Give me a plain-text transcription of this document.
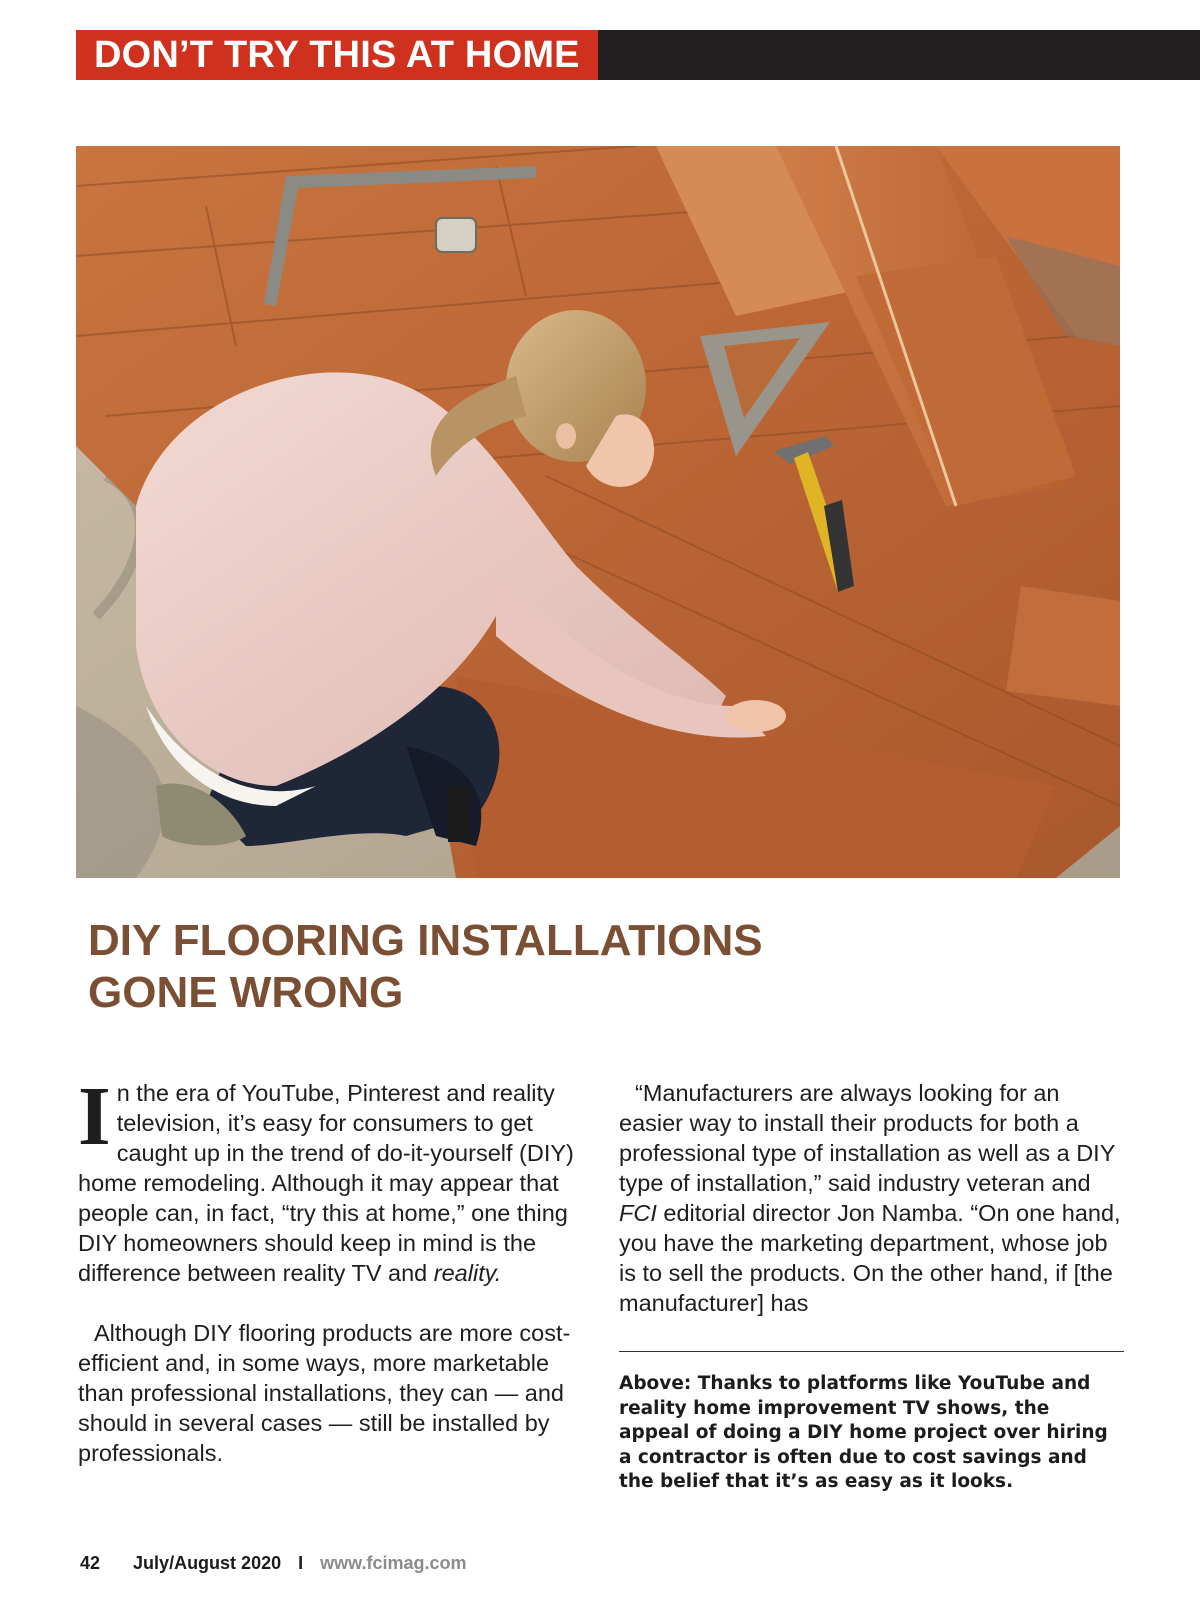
DON’T TRY THIS AT HOME
DIY FLOORING INSTALLATIONS
GONE WRONG

In the era of YouTube, Pinterest and reality television, it’s easy for consumers to get caught up in the trend of do-it-yourself (DIY) home remodeling. Although it may appear that people can, in fact, “try this at home,” one thing DIY homeowners should keep in mind is the difference between reality TV and reality.

Although DIY flooring products are more cost-efficient and, in some ways, more marketable than professional installations, they can — and should in several cases — still be installed by professionals.

“Manufacturers are always looking for an easier way to install their products for both a professional type of installation as well as a DIY type of installation,” said industry veteran and FCI editorial director Jon Namba. “On one hand, you have the marketing department, whose job is to sell the products. On the other hand, if [the manufacturer] has

Above: Thanks to platforms like YouTube and reality home improvement TV shows, the appeal of doing a DIY home project over hiring a contractor is often due to cost savings and the belief that it’s as easy as it looks.

42 July/August 2020 I www.fcimag.com
